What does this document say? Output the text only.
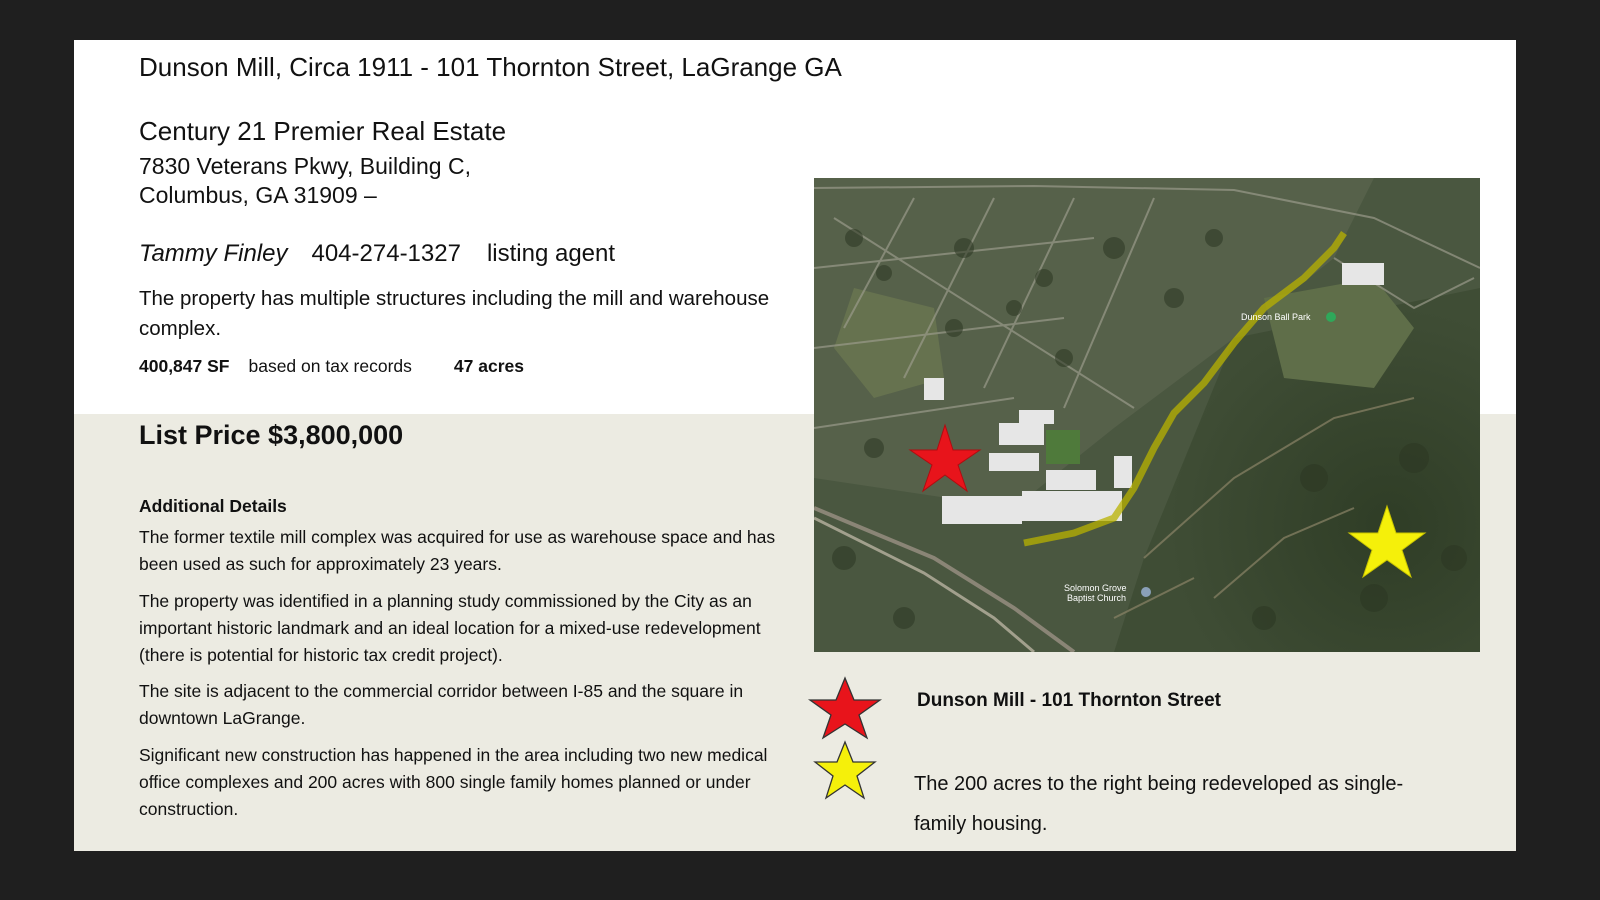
Dunson Mill, Circa 1911 - 101 Thornton Street, LaGrange GA
Century 21 Premier Real Estate
7830 Veterans Pkwy, Building C,
Columbus, GA 31909 –
Tammy Finley 404-274-1327 listing agent
The property has multiple structures including the mill and warehouse complex.
400,847 SF based on tax records 47 acres
List Price $3,800,000
Additional Details
The former textile mill complex was acquired for use as warehouse space and has been used as such for approximately 23 years.
The property was identified in a planning study commissioned by the City as an important historic landmark and an ideal location for a mixed-use redevelopment (there is potential for historic tax credit project).
The site is adjacent to the commercial corridor between I-85 and the square in downtown LaGrange.
Significant new construction has happened in the area including two new medical office complexes and 200 acres with 800 single family homes planned or under construction.
Dunson Ball Park
Solomon Grove
Baptist Church
Dunson Mill - 101 Thornton Street
The 200 acres to the right being redeveloped as single-family housing.
